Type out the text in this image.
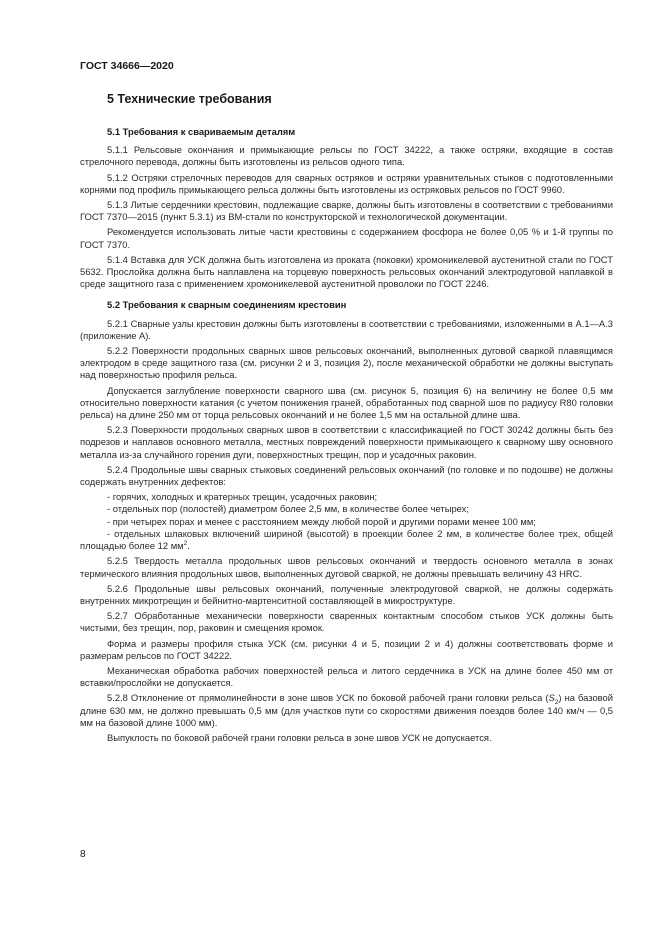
ГОСТ 34666—2020
5 Технические требования
5.1 Требования к свариваемым деталям
5.1.1 Рельсовые окончания и примыкающие рельсы по ГОСТ 34222, а также остряки, входящие в состав стрелочного перевода, должны быть изготовлены из рельсов одного типа.
5.1.2 Остряки стрелочных переводов для сварных остряков и остряки уравнительных стыков с подготовленными корнями под профиль примыкающего рельса должны быть изготовлены из остряковых рельсов по ГОСТ 9960.
5.1.3 Литые сердечники крестовин, подлежащие сварке, должны быть изготовлены в соответствии с требованиями ГОСТ 7370—2015 (пункт 5.3.1) из ВМ-стали по конструкторской и технологической документации.
Рекомендуется использовать литые части крестовины с содержанием фосфора не более 0,05 % и 1-й группы по ГОСТ 7370.
5.1.4 Вставка для УСК должна быть изготовлена из проката (поковки) хромоникелевой аустенитной стали по ГОСТ 5632. Прослойка должна быть наплавлена на торцевую поверхность рельсовых окончаний электродуговой наплавкой в среде защитного газа с применением хромоникелевой аустенитной проволоки по ГОСТ 2246.
5.2 Требования к сварным соединениям крестовин
5.2.1 Сварные узлы крестовин должны быть изготовлены в соответствии с требованиями, изложенными в А.1—А.3 (приложение А).
5.2.2 Поверхности продольных сварных швов рельсовых окончаний, выполненных дуговой сваркой плавящимся электродом в среде защитного газа (см. рисунки 2 и 3, позиция 2), после механической обработки не должны выступать над поверхностью профиля рельса.
Допускается заглубление поверхности сварного шва (см. рисунок 5, позиция 6) на величину не более 0,5 мм относительно поверхности катания (с учетом понижения граней, обработанных под сварной шов по радиусу R80 головки рельса) на длине 250 мм от торца рельсовых окончаний и не более 1,5 мм на остальной длине шва.
5.2.3 Поверхности продольных сварных швов в соответствии с классификацией по ГОСТ 30242 должны быть без подрезов и наплавов основного металла, местных повреждений поверхности примыкающего к сварному шву основного металла из-за случайного горения дуги, поверхностных трещин, пор и усадочных раковин.
5.2.4 Продольные швы сварных стыковых соединений рельсовых окончаний (по головке и по подошве) не должны содержать внутренних дефектов:
- горячих, холодных и кратерных трещин, усадочных раковин;
- отдельных пор (полостей) диаметром более 2,5 мм, в количестве более четырех;
- при четырех порах и менее с расстоянием между любой порой и другими порами менее 100 мм;
- отдельных шлаковых включений шириной (высотой) в проекции более 2 мм, в количестве более трех, общей площадью более 12 $мм^2$.
5.2.5 Твердость металла продольных швов рельсовых окончаний и твердость основного металла в зонах термического влияния продольных швов, выполненных дуговой сваркой, не должны превышать величину 43 HRC.
5.2.6 Продольные швы рельсовых окончаний, полученные электродуговой сваркой, не должны содержать внутренних микротрещин и бейнитно-мартенситной составляющей в микроструктуре.
5.2.7 Обработанные механически поверхности сваренных контактным способом стыков УСК должны быть чистыми, без трещин, пор, раковин и смещения кромок.
Форма и размеры профиля стыка УСК (см. рисунки 4 и 5, позиции 2 и 4) должны соответствовать форме и размерам рельсов по ГОСТ 34222.
Механическая обработка рабочих поверхностей рельса и литого сердечника в УСК на длине более 450 мм от вставки/прослойки не допускается.
5.2.8 Отклонение от прямолинейности в зоне швов УСК по боковой рабочей грани головки рельса $(S_2)$ на базовой длине 630 мм, не должно превышать 0,5 мм (для участков пути со скоростями движения поездов более 140 км/ч — 0,5 мм на базовой длине 1000 мм).
Выпуклость по боковой рабочей грани головки рельса в зоне швов УСК не допускается.
8
